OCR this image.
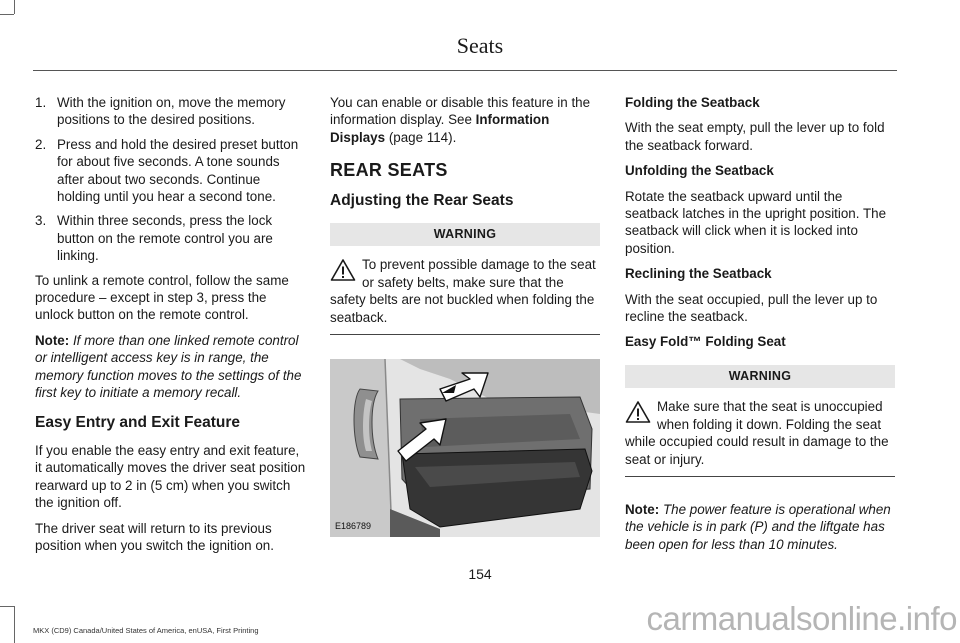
Seats
1. With the ignition on, move the memory positions to the desired positions.
2. Press and hold the desired preset button for about five seconds. A tone sounds after about two seconds. Continue holding until you hear a second tone.
3. Within three seconds, press the lock button on the remote control you are linking.

To unlink a remote control, follow the same procedure – except in step 3, press the unlock button on the remote control.

Note: If more than one linked remote control or intelligent access key is in range, the memory function moves to the settings of the first key to initiate a memory recall.

Easy Entry and Exit Feature

If you enable the easy entry and exit feature, it automatically moves the driver seat position rearward up to 2 in (5 cm) when you switch the ignition off.

The driver seat will return to its previous position when you switch the ignition on.

You can enable or disable this feature in the information display. See Information Displays (page 114).

REAR SEATS
Adjusting the Rear Seats
WARNING
To prevent possible damage to the seat or safety belts, make sure that the safety belts are not buckled when folding the seatback.
E186789
Folding the Seatback

With the seat empty, pull the lever up to fold the seatback forward.

Unfolding the Seatback

Rotate the seatback upward until the seatback latches in the upright position. The seatback will click when it is locked into position.

Reclining the Seatback

With the seat occupied, pull the lever up to recline the seatback.

Easy Fold™ Folding Seat
WARNING
Make sure that the seat is unoccupied when folding it down. Folding the seat while occupied could result in damage to the seat or injury.

Note: The power feature is operational when the vehicle is in park (P) and the liftgate has been open for less than 10 minutes.

154
MKX (CD9) Canada/United States of America, enUSA, First Printing	carmanualsonline.info
